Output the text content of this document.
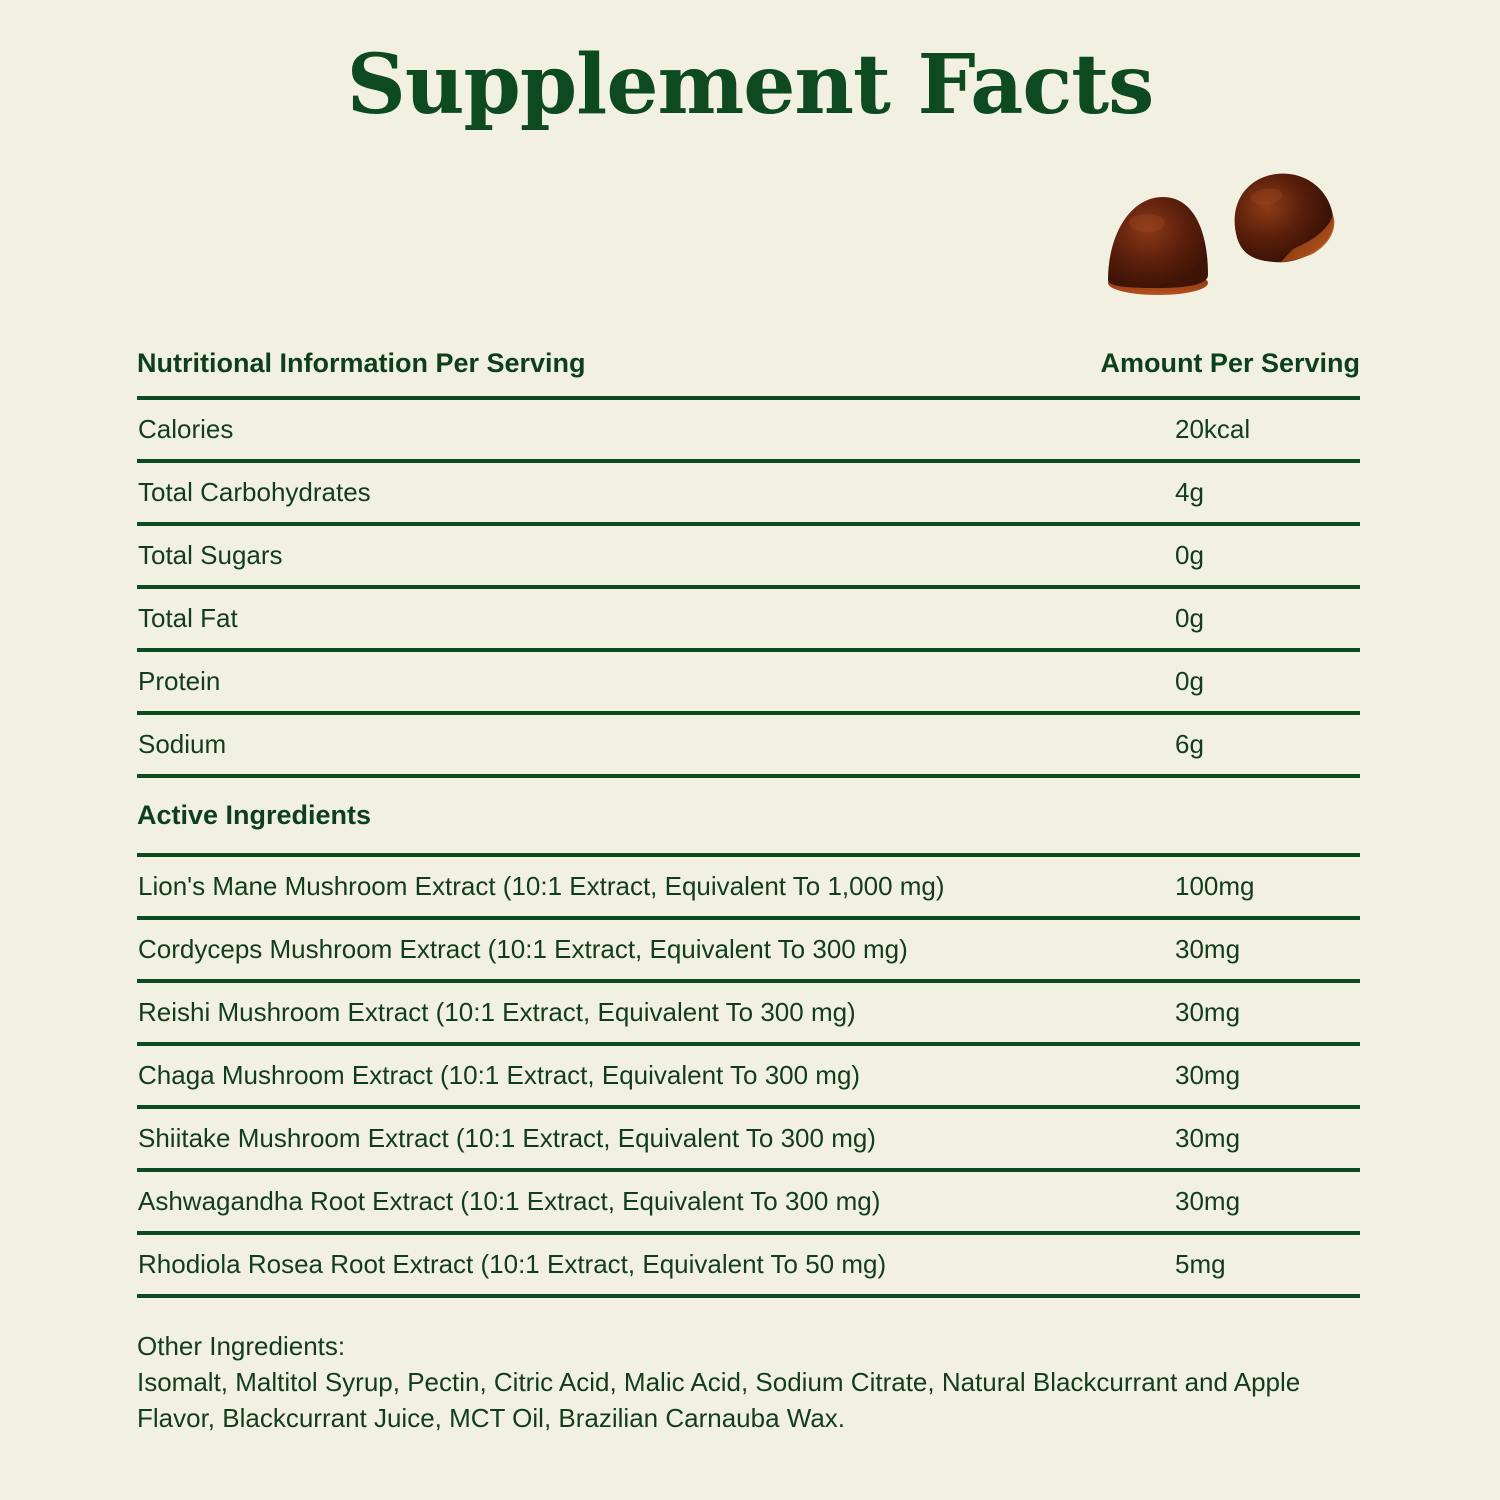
Supplement Facts
Nutritional Information Per Serving	Amount Per Serving
Calories	20kcal
Total Carbohydrates	4g
Total Sugars	0g
Total Fat	0g
Protein	0g
Sodium	6g
Active Ingredients
Lion's Mane Mushroom Extract (10:1 Extract, Equivalent To 1,000 mg)	100mg
Cordyceps Mushroom Extract (10:1 Extract, Equivalent To 300 mg)	30mg
Reishi Mushroom Extract (10:1 Extract, Equivalent To 300 mg)	30mg
Chaga Mushroom Extract (10:1 Extract, Equivalent To 300 mg)	30mg
Shiitake Mushroom Extract (10:1 Extract, Equivalent To 300 mg)	30mg
Ashwagandha Root Extract (10:1 Extract, Equivalent To 300 mg)	30mg
Rhodiola Rosea Root Extract (10:1 Extract, Equivalent To 50 mg)	5mg
Other Ingredients:
Isomalt, Maltitol Syrup, Pectin, Citric Acid, Malic Acid, Sodium Citrate, Natural Blackcurrant and Apple Flavor, Blackcurrant Juice, MCT Oil, Brazilian Carnauba Wax.
